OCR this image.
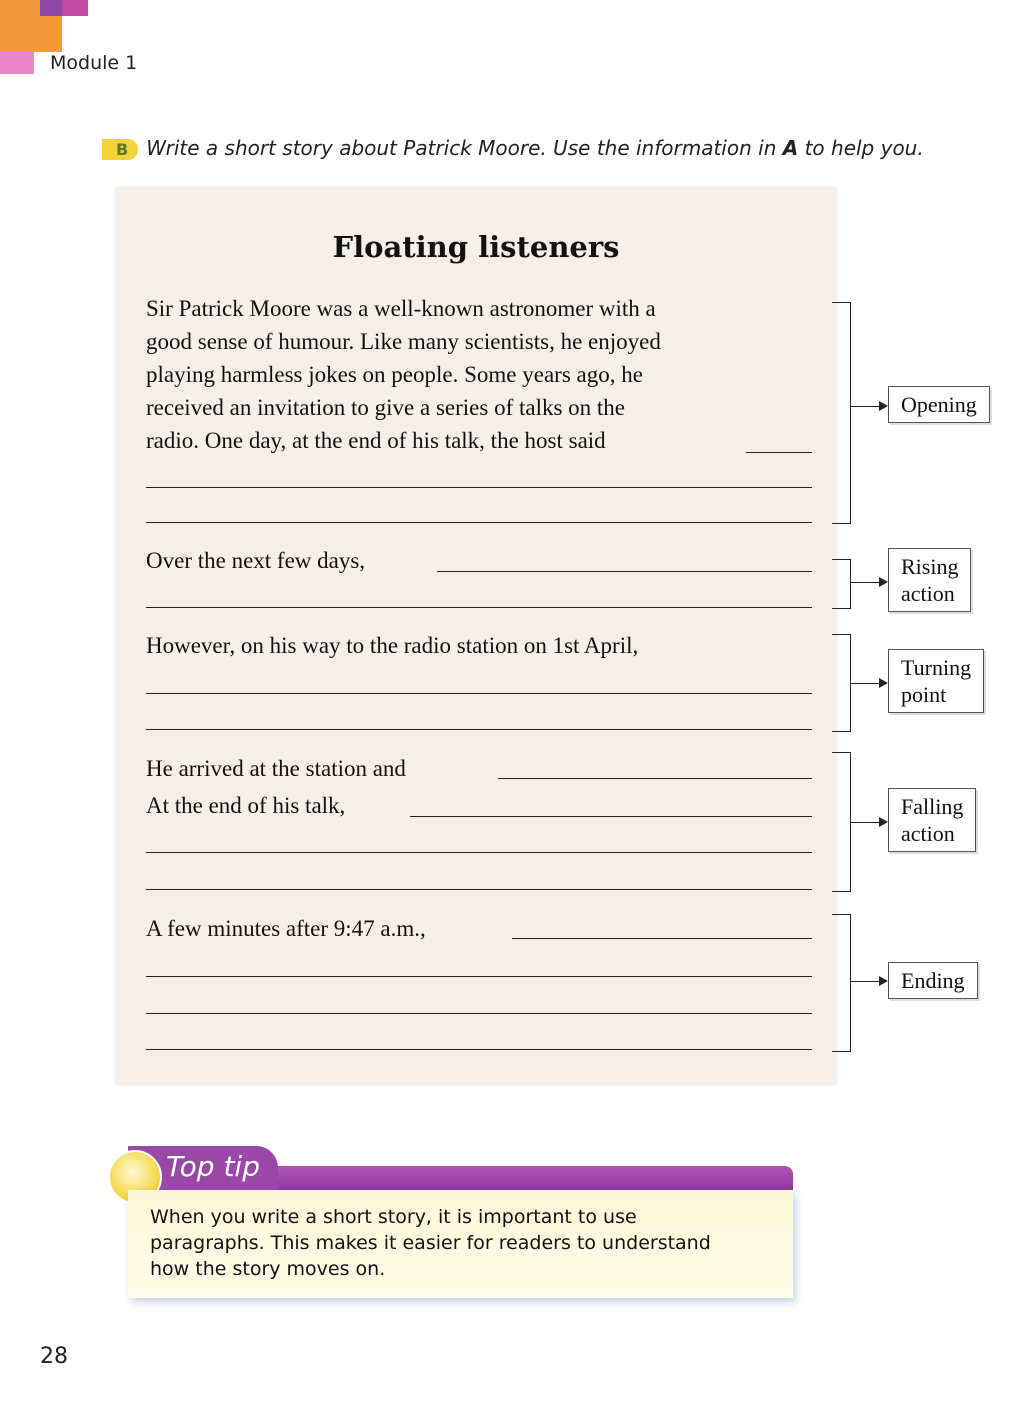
Module 1
B Write a short story about Patrick Moore. Use the information in A to help you.
Floating listeners
Sir Patrick Moore was a well-known astronomer with a
good sense of humour. Like many scientists, he enjoyed
playing harmless jokes on people. Some years ago, he
received an invitation to give a series of talks on the
radio. One day, at the end of his talk, the host said
Over the next few days,
However, on his way to the radio station on 1st April,
He arrived at the station and
At the end of his talk,
A few minutes after 9:47 a.m.,
Opening
Rising
action
Turning
point
Falling
action
Ending
Top tip
When you write a short story, it is important to use
paragraphs. This makes it easier for readers to understand
how the story moves on.
28
